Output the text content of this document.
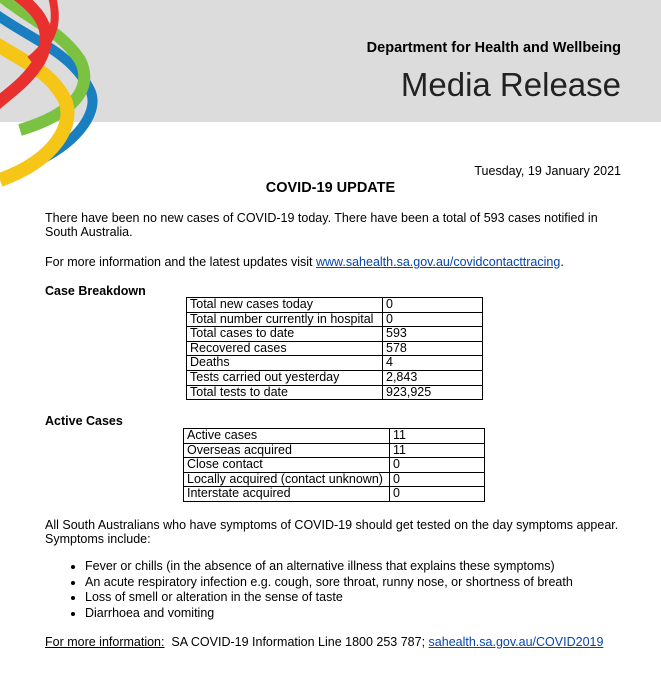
Department for Health and Wellbeing
Media Release
Tuesday, 19 January 2021
COVID-19 UPDATE
There have been no new cases of COVID-19 today. There have been a total of 593 cases notified in
South Australia.
For more information and the latest updates visit www.sahealth.sa.gov.au/covidcontacttracing.
Case Breakdown
Total new cases today	0
Total number currently in hospital	0
Total cases to date	593
Recovered cases	578
Deaths	4
Tests carried out yesterday	2,843
Total tests to date	923,925
Active Cases
Active cases	11
Overseas acquired	11
Close contact	0
Locally acquired (contact unknown)	0
Interstate acquired	0
All South Australians who have symptoms of COVID-19 should get tested on the day symptoms appear.
Symptoms include:
• Fever or chills (in the absence of an alternative illness that explains these symptoms)
• An acute respiratory infection e.g. cough, sore throat, runny nose, or shortness of breath
• Loss of smell or alteration in the sense of taste
• Diarrhoea and vomiting
For more information:  SA COVID-19 Information Line 1800 253 787; sahealth.sa.gov.au/COVID2019
